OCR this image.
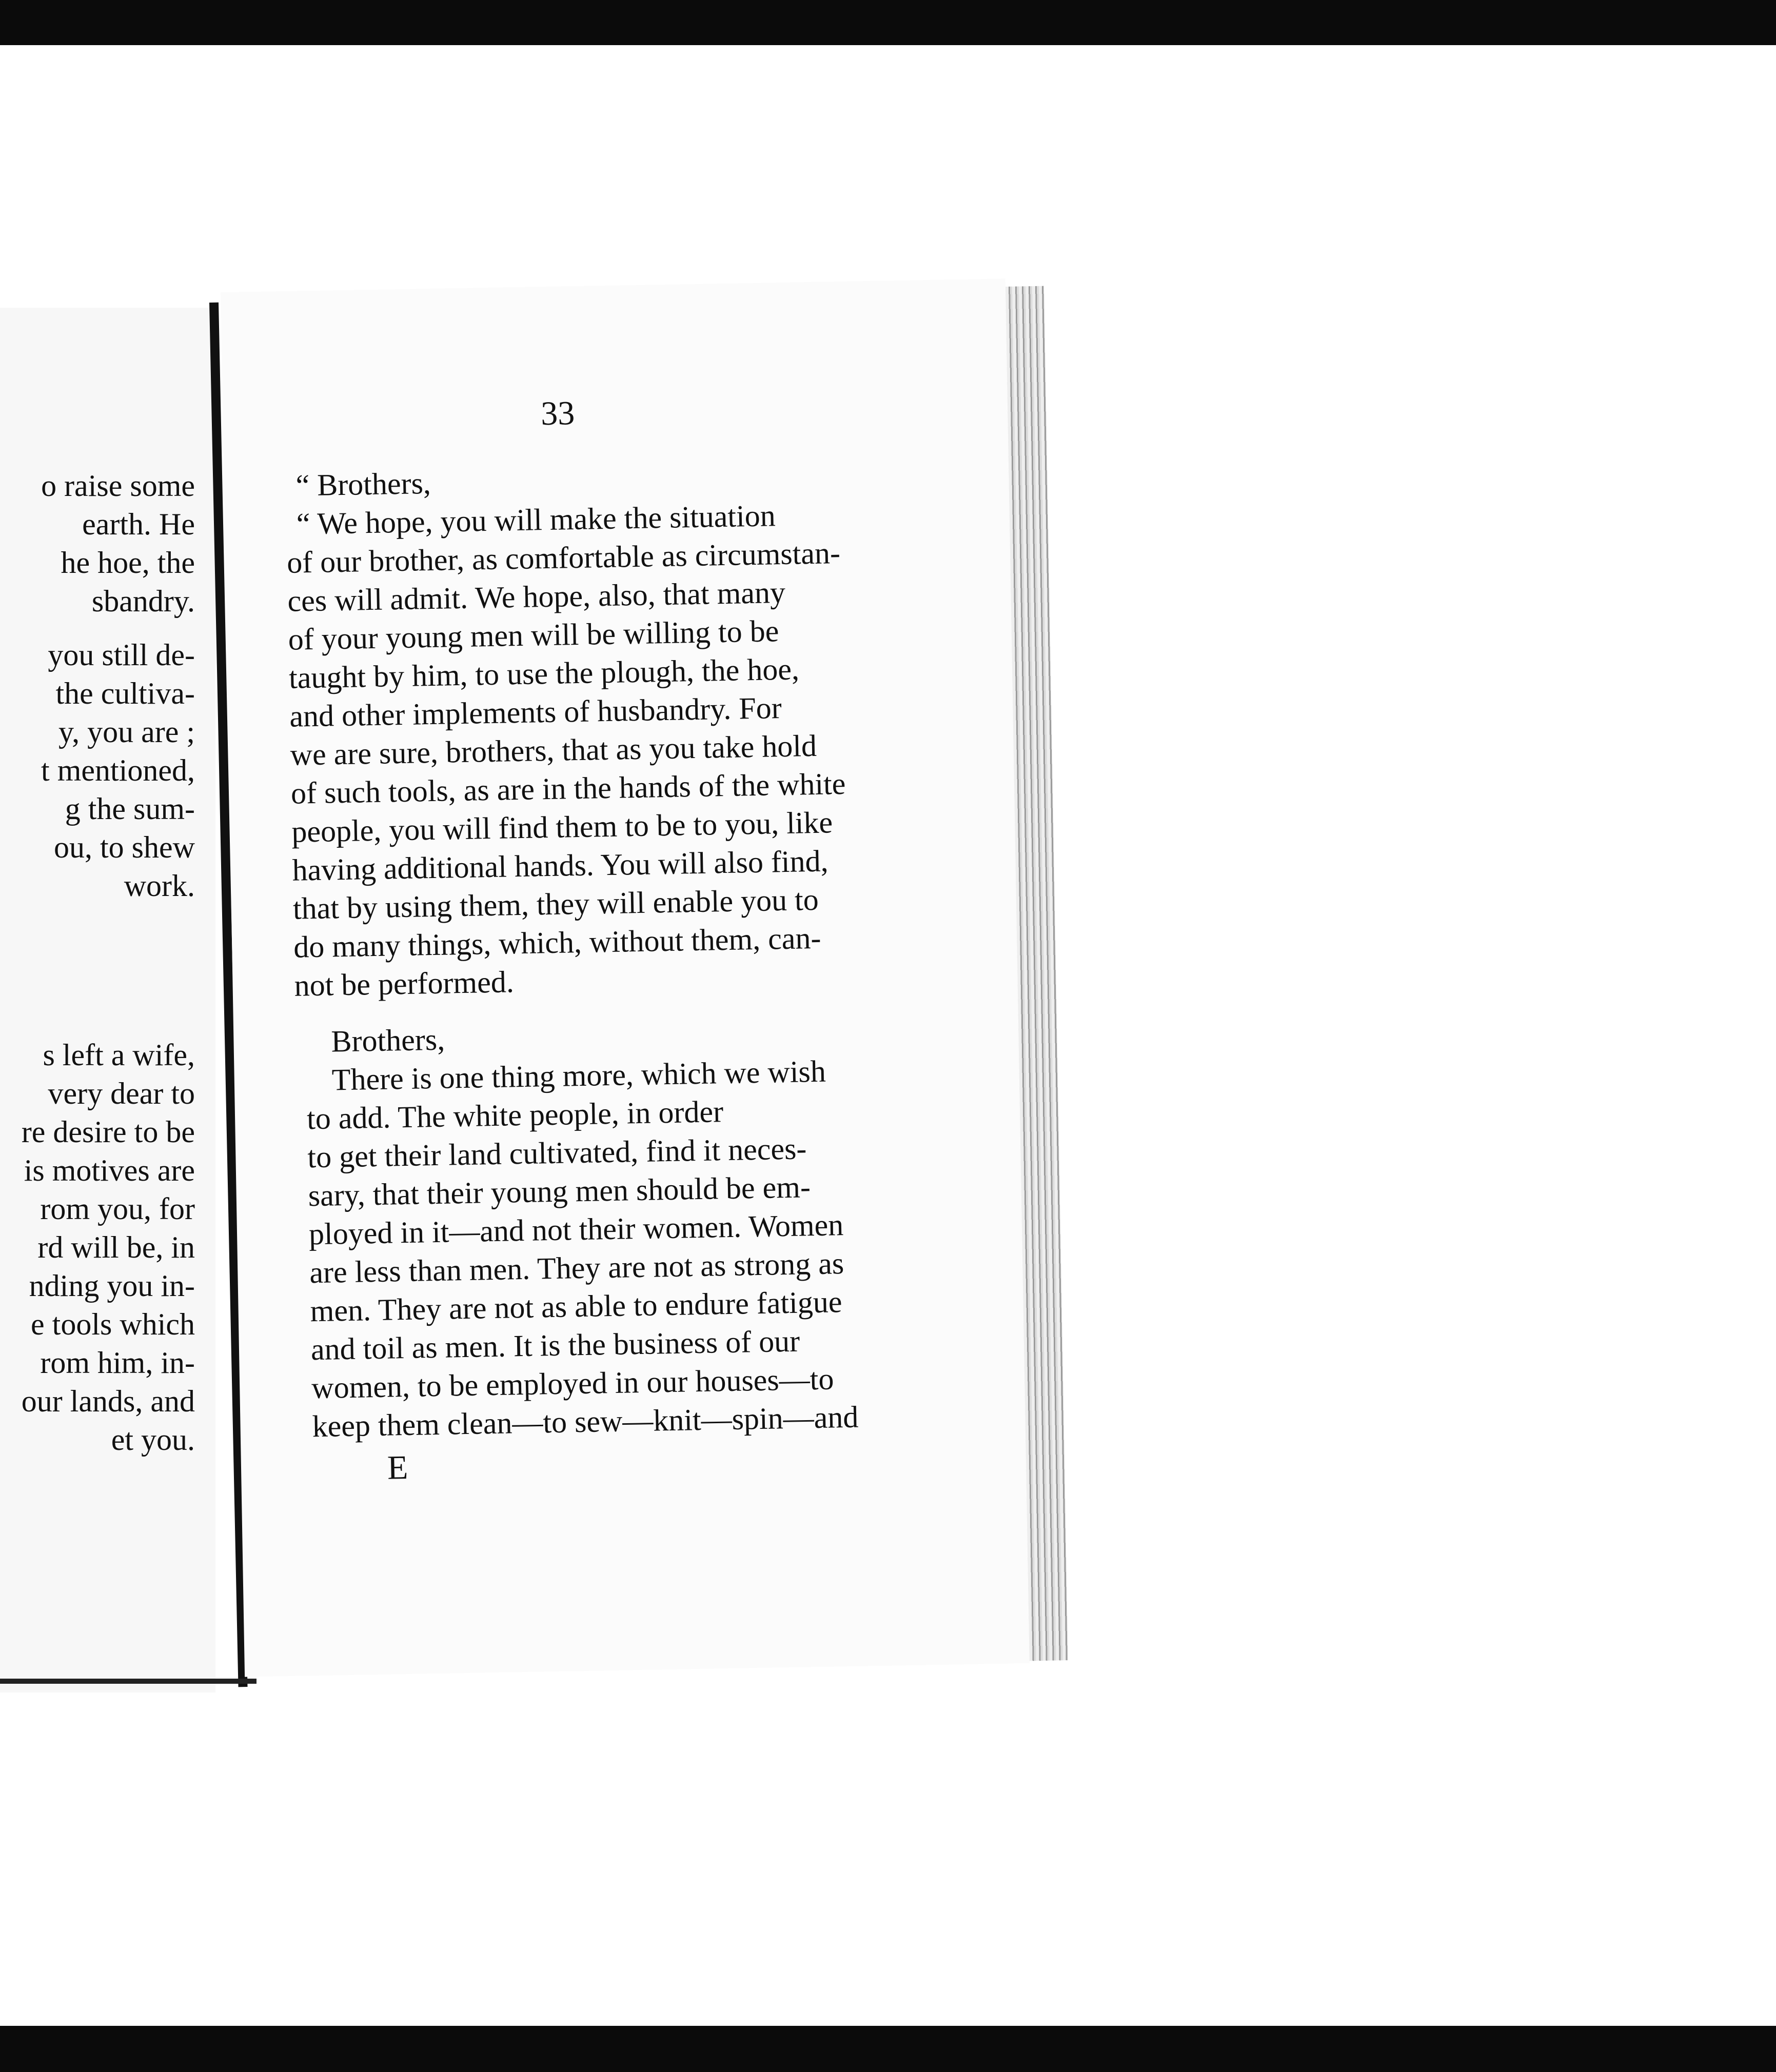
o raise some
earth. He
he hoe, the
sbandry.
you still de-
the cultiva-
y, you are ;
t mentioned,
g the sum-
ou, to shew
work.
s left a wife,
very dear to
re desire to be
is motives are
rom you, for
rd will be, in
nding you in-
e tools which
rom him, in-
our lands, and
et you.
33
“ Brothers,
“ We hope, you will make the situation
of our brother, as comfortable as circumstan-
ces will admit. We hope, also, that many
of your young men will be willing to be
taught by him, to use the plough, the hoe,
and other implements of husbandry. For
we are sure, brothers, that as you take hold
of such tools, as are in the hands of the white
people, you will find them to be to you, like
having additional hands. You will also find,
that by using them, they will enable you to
do many things, which, without them, can-
not be performed.
Brothers,
There is one thing more, which we wish
to add. The white people, in order
to get their land cultivated, find it neces-
sary, that their young men should be em-
ployed in it—and not their women. Women
are less than men. They are not as strong as
men. They are not as able to endure fatigue
and toil as men. It is the business of our
women, to be employed in our houses—to
keep them clean—to sew—knit—spin—and
E
